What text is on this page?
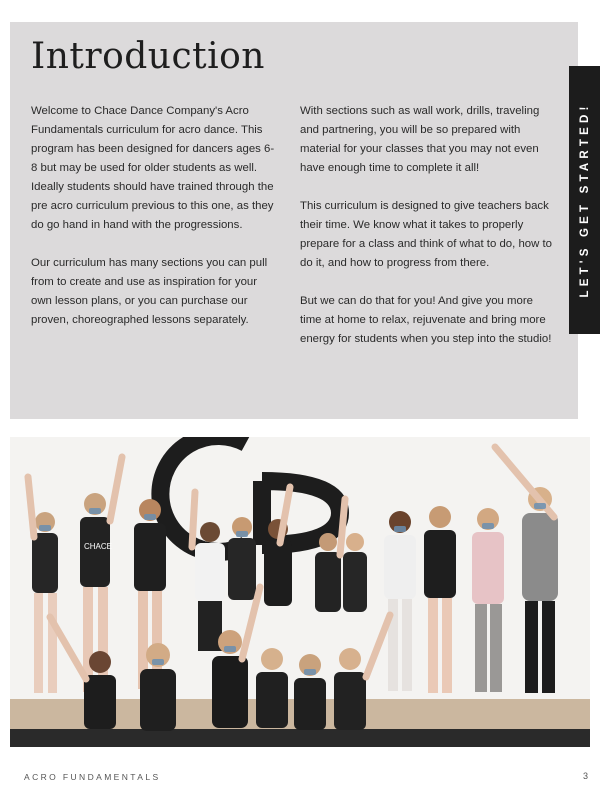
Introduction

Welcome to Chace Dance Company's Acro Fundamentals curriculum for acro dance. This program has been designed for dancers ages 6-8 but may be used for older students as well. Ideally students should have trained through the pre acro curriculum previous to this one, as they do go hand in hand with the progressions.

Our curriculum has many sections you can pull from to create and use as inspiration for your own lesson plans, or you can purchase our proven, choreographed lessons separately.

With sections such as wall work, drills, traveling and partnering, you will be so prepared with material for your classes that you may not even have enough time to complete it all!

This curriculum is designed to give teachers back their time. We know what it takes to properly prepare for a class and think of what to do, how to do it, and how to progress from there.

But we can do that for you! And give you more time at home to relax, rejuvenate and bring more energy for students when you step into the studio!

LET'S GET STARTED!
CHACE
ACRO FUNDAMENTALS	3
